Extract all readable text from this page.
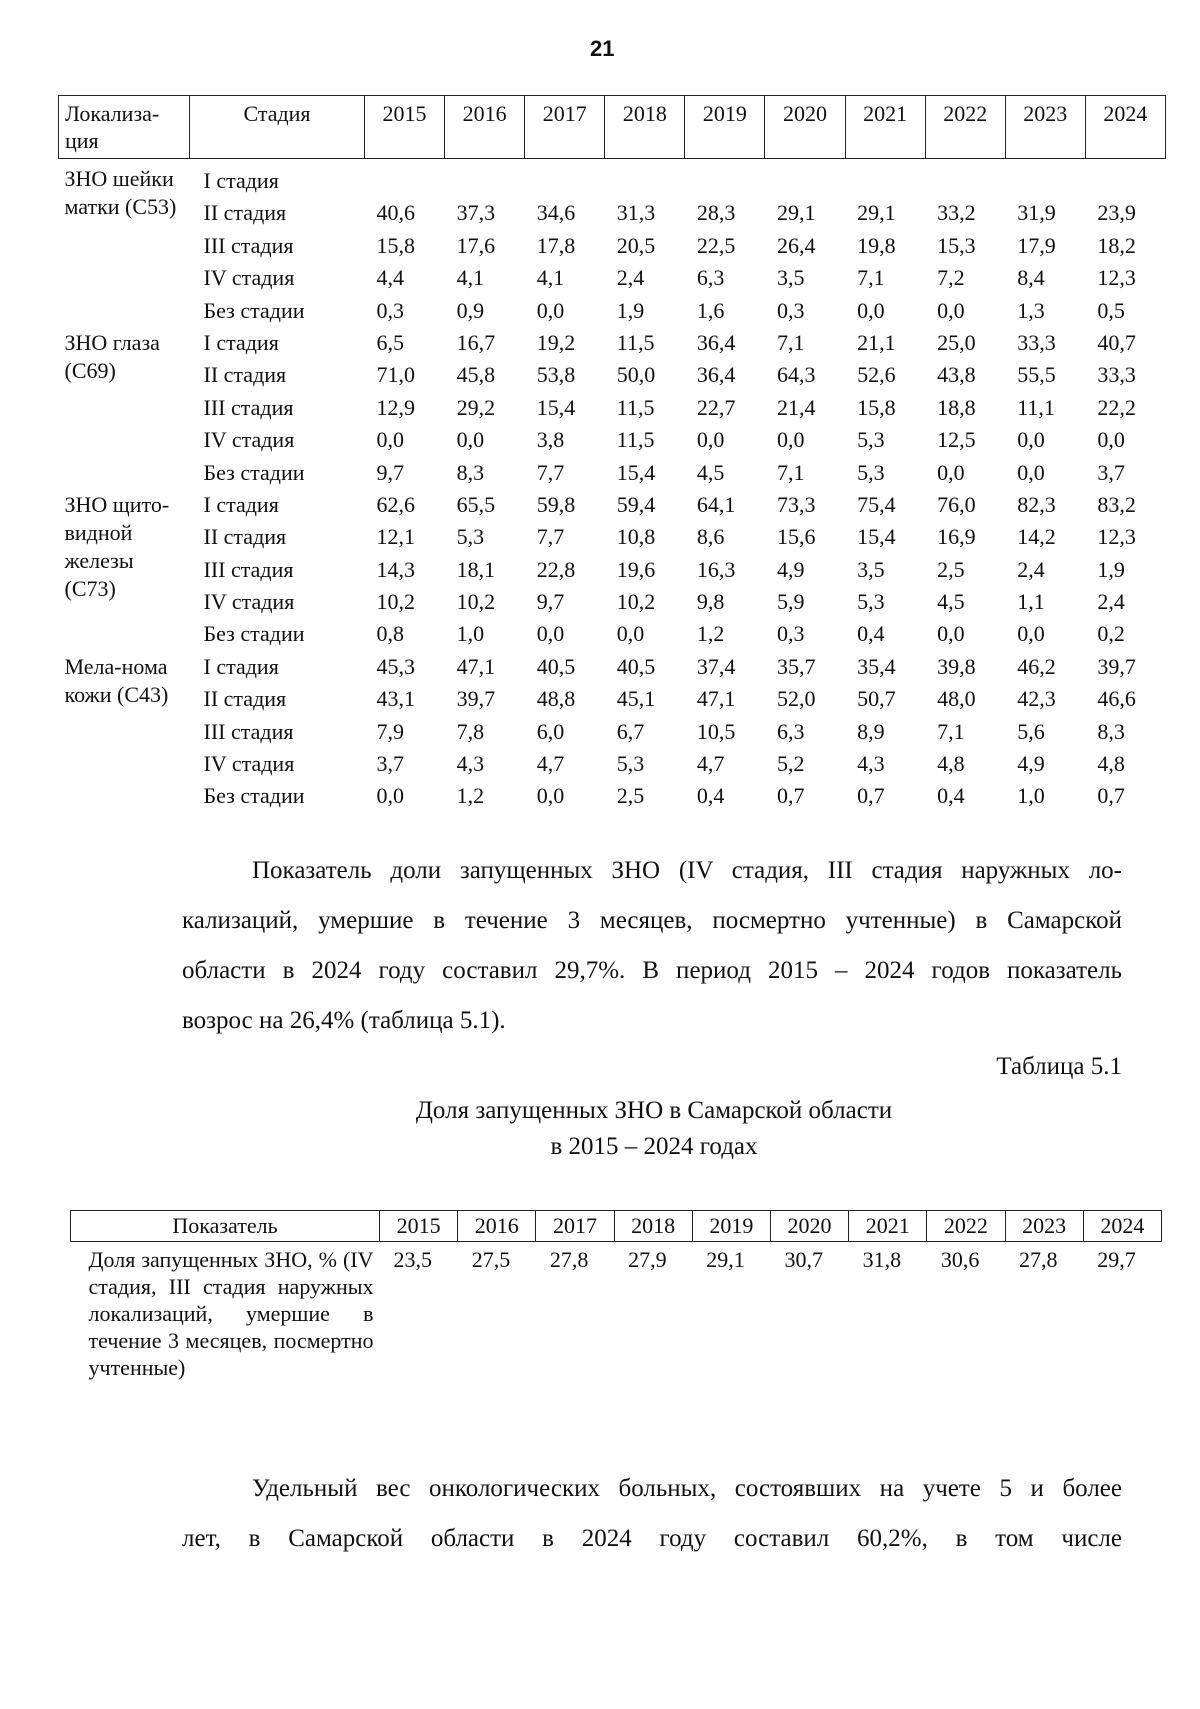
21
Локализа-ция	Стадия	2015	2016	2017	2018	2019	2020	2021	2022	2023	2024
ЗНО шейки матки (С53)	I стадия										
	II стадия	40,6	37,3	34,6	31,3	28,3	29,1	29,1	33,2	31,9	23,9
	III стадия	15,8	17,6	17,8	20,5	22,5	26,4	19,8	15,3	17,9	18,2
	IV стадия	4,4	4,1	4,1	2,4	6,3	3,5	7,1	7,2	8,4	12,3
	Без стадии	0,3	0,9	0,0	1,9	1,6	0,3	0,0	0,0	1,3	0,5
ЗНО глаза (С69)	I стадия	6,5	16,7	19,2	11,5	36,4	7,1	21,1	25,0	33,3	40,7
	II стадия	71,0	45,8	53,8	50,0	36,4	64,3	52,6	43,8	55,5	33,3
	III стадия	12,9	29,2	15,4	11,5	22,7	21,4	15,8	18,8	11,1	22,2
	IV стадия	0,0	0,0	3,8	11,5	0,0	0,0	5,3	12,5	0,0	0,0
	Без стадии	9,7	8,3	7,7	15,4	4,5	7,1	5,3	0,0	0,0	3,7
ЗНО щито-видной железы (С73)	I стадия	62,6	65,5	59,8	59,4	64,1	73,3	75,4	76,0	82,3	83,2
	II стадия	12,1	5,3	7,7	10,8	8,6	15,6	15,4	16,9	14,2	12,3
	III стадия	14,3	18,1	22,8	19,6	16,3	4,9	3,5	2,5	2,4	1,9
	IV стадия	10,2	10,2	9,7	10,2	9,8	5,9	5,3	4,5	1,1	2,4
	Без стадии	0,8	1,0	0,0	0,0	1,2	0,3	0,4	0,0	0,0	0,2
Мела-нома кожи (С43)	I стадия	45,3	47,1	40,5	40,5	37,4	35,7	35,4	39,8	46,2	39,7
	II стадия	43,1	39,7	48,8	45,1	47,1	52,0	50,7	48,0	42,3	46,6
	III стадия	7,9	7,8	6,0	6,7	10,5	6,3	8,9	7,1	5,6	8,3
	IV стадия	3,7	4,3	4,7	5,3	4,7	5,2	4,3	4,8	4,9	4,8
	Без стадии	0,0	1,2	0,0	2,5	0,4	0,7	0,7	0,4	1,0	0,7
Показатель доли запущенных ЗНО (IV стадия, III стадия наружных ло-
кализаций, умершие в течение 3 месяцев, посмертно учтенные) в Самарской
области в 2024 году составил 29,7%. В период 2015 – 2024 годов показатель
возрос на 26,4% (таблица 5.1).
Таблица 5.1
Доля запущенных ЗНО в Самарской области
в 2015 – 2024 годах
Показатель	2015	2016	2017	2018	2019	2020	2021	2022	2023	2024
Доля запущенных ЗНО, % (IV стадия, III стадия наружных локализаций, умершие в течение 3 месяцев, посмертно учтенные)	23,5	27,5	27,8	27,9	29,1	30,7	31,8	30,6	27,8	29,7
Удельный вес онкологических больных, состоявших на учете 5 и более
лет, в Самарской области в 2024 году составил 60,2%, в том числе
